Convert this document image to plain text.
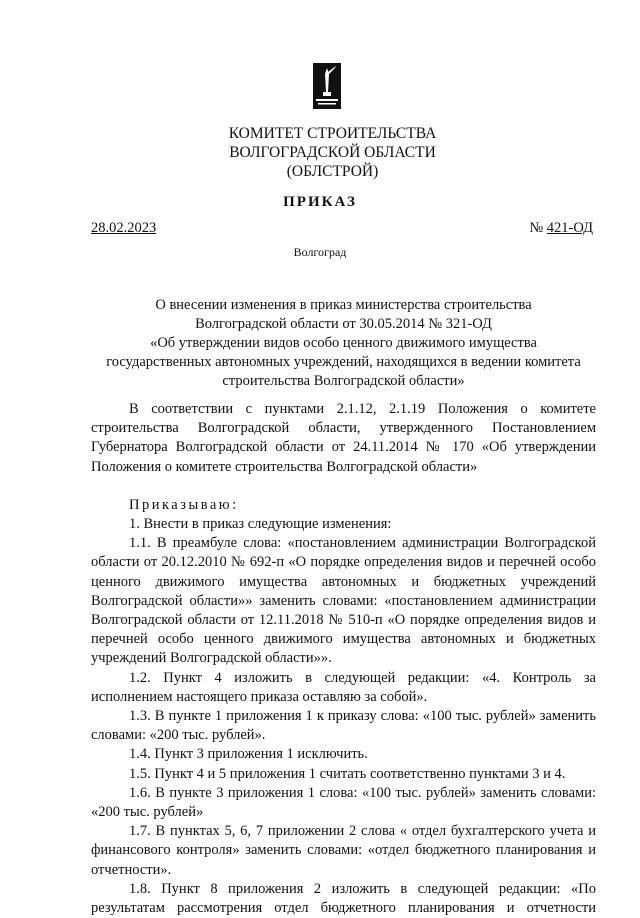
КОМИТЕТ СТРОИТЕЛЬСТВА
ВОЛГОГРАДСКОЙ ОБЛАСТИ
(ОБЛСТРОЙ)
ПРИКАЗ
28.02.2023	№ 421-ОД
Волгоград
О внесении изменения в приказ министерства строительства
Волгоградской области от 30.05.2014 № 321-ОД
«Об утверждении видов особо ценного движимого имущества
государственных автономных учреждений, находящихся в ведении комитета
строительства Волгоградской области»

В соответствии с пунктами 2.1.12, 2.1.19 Положения о комитете строительства Волгоградской области, утвержденного Постановлением Губернатора Волгоградской области от 24.11.2014 № 170 «Об утверждении Положения о комитете строительства Волгоградской области»

Приказываю:

1. Внести в приказ следующие изменения:

1.1. В преамбуле слова: «постановлением администрации Волгоградской области от 20.12.2010 № 692-п «О порядке определения видов и перечней особо ценного движимого имущества автономных и бюджетных учреждений Волгоградской области»» заменить словами: «постановлением администрации Волгоградской области от 12.11.2018 № 510-п «О порядке определения видов и перечней особо ценного движимого имущества автономных и бюджетных учреждений Волгоградской области»».

1.2. Пункт 4 изложить в следующей редакции: «4. Контроль за исполнением настоящего приказа оставляю за собой».

1.3. В пункте 1 приложения 1 к приказу слова: «100 тыс. рублей» заменить словами: «200 тыс. рублей».

1.4. Пункт 3 приложения 1 исключить.

1.5. Пункт 4 и 5 приложения 1 считать соответственно пунктами 3 и 4.

1.6. В пункте 3 приложения 1 слова: «100 тыс. рублей» заменить словами: «200 тыс. рублей»

1.7. В пунктах 5, 6, 7 приложении 2 слова « отдел бухгалтерского учета и финансового контроля» заменить словами: «отдел бюджетного планирования и отчетности».

1.8. Пункт 8 приложения 2 изложить в следующей редакции: «По результатам рассмотрения отдел бюджетного планирования и отчетности
